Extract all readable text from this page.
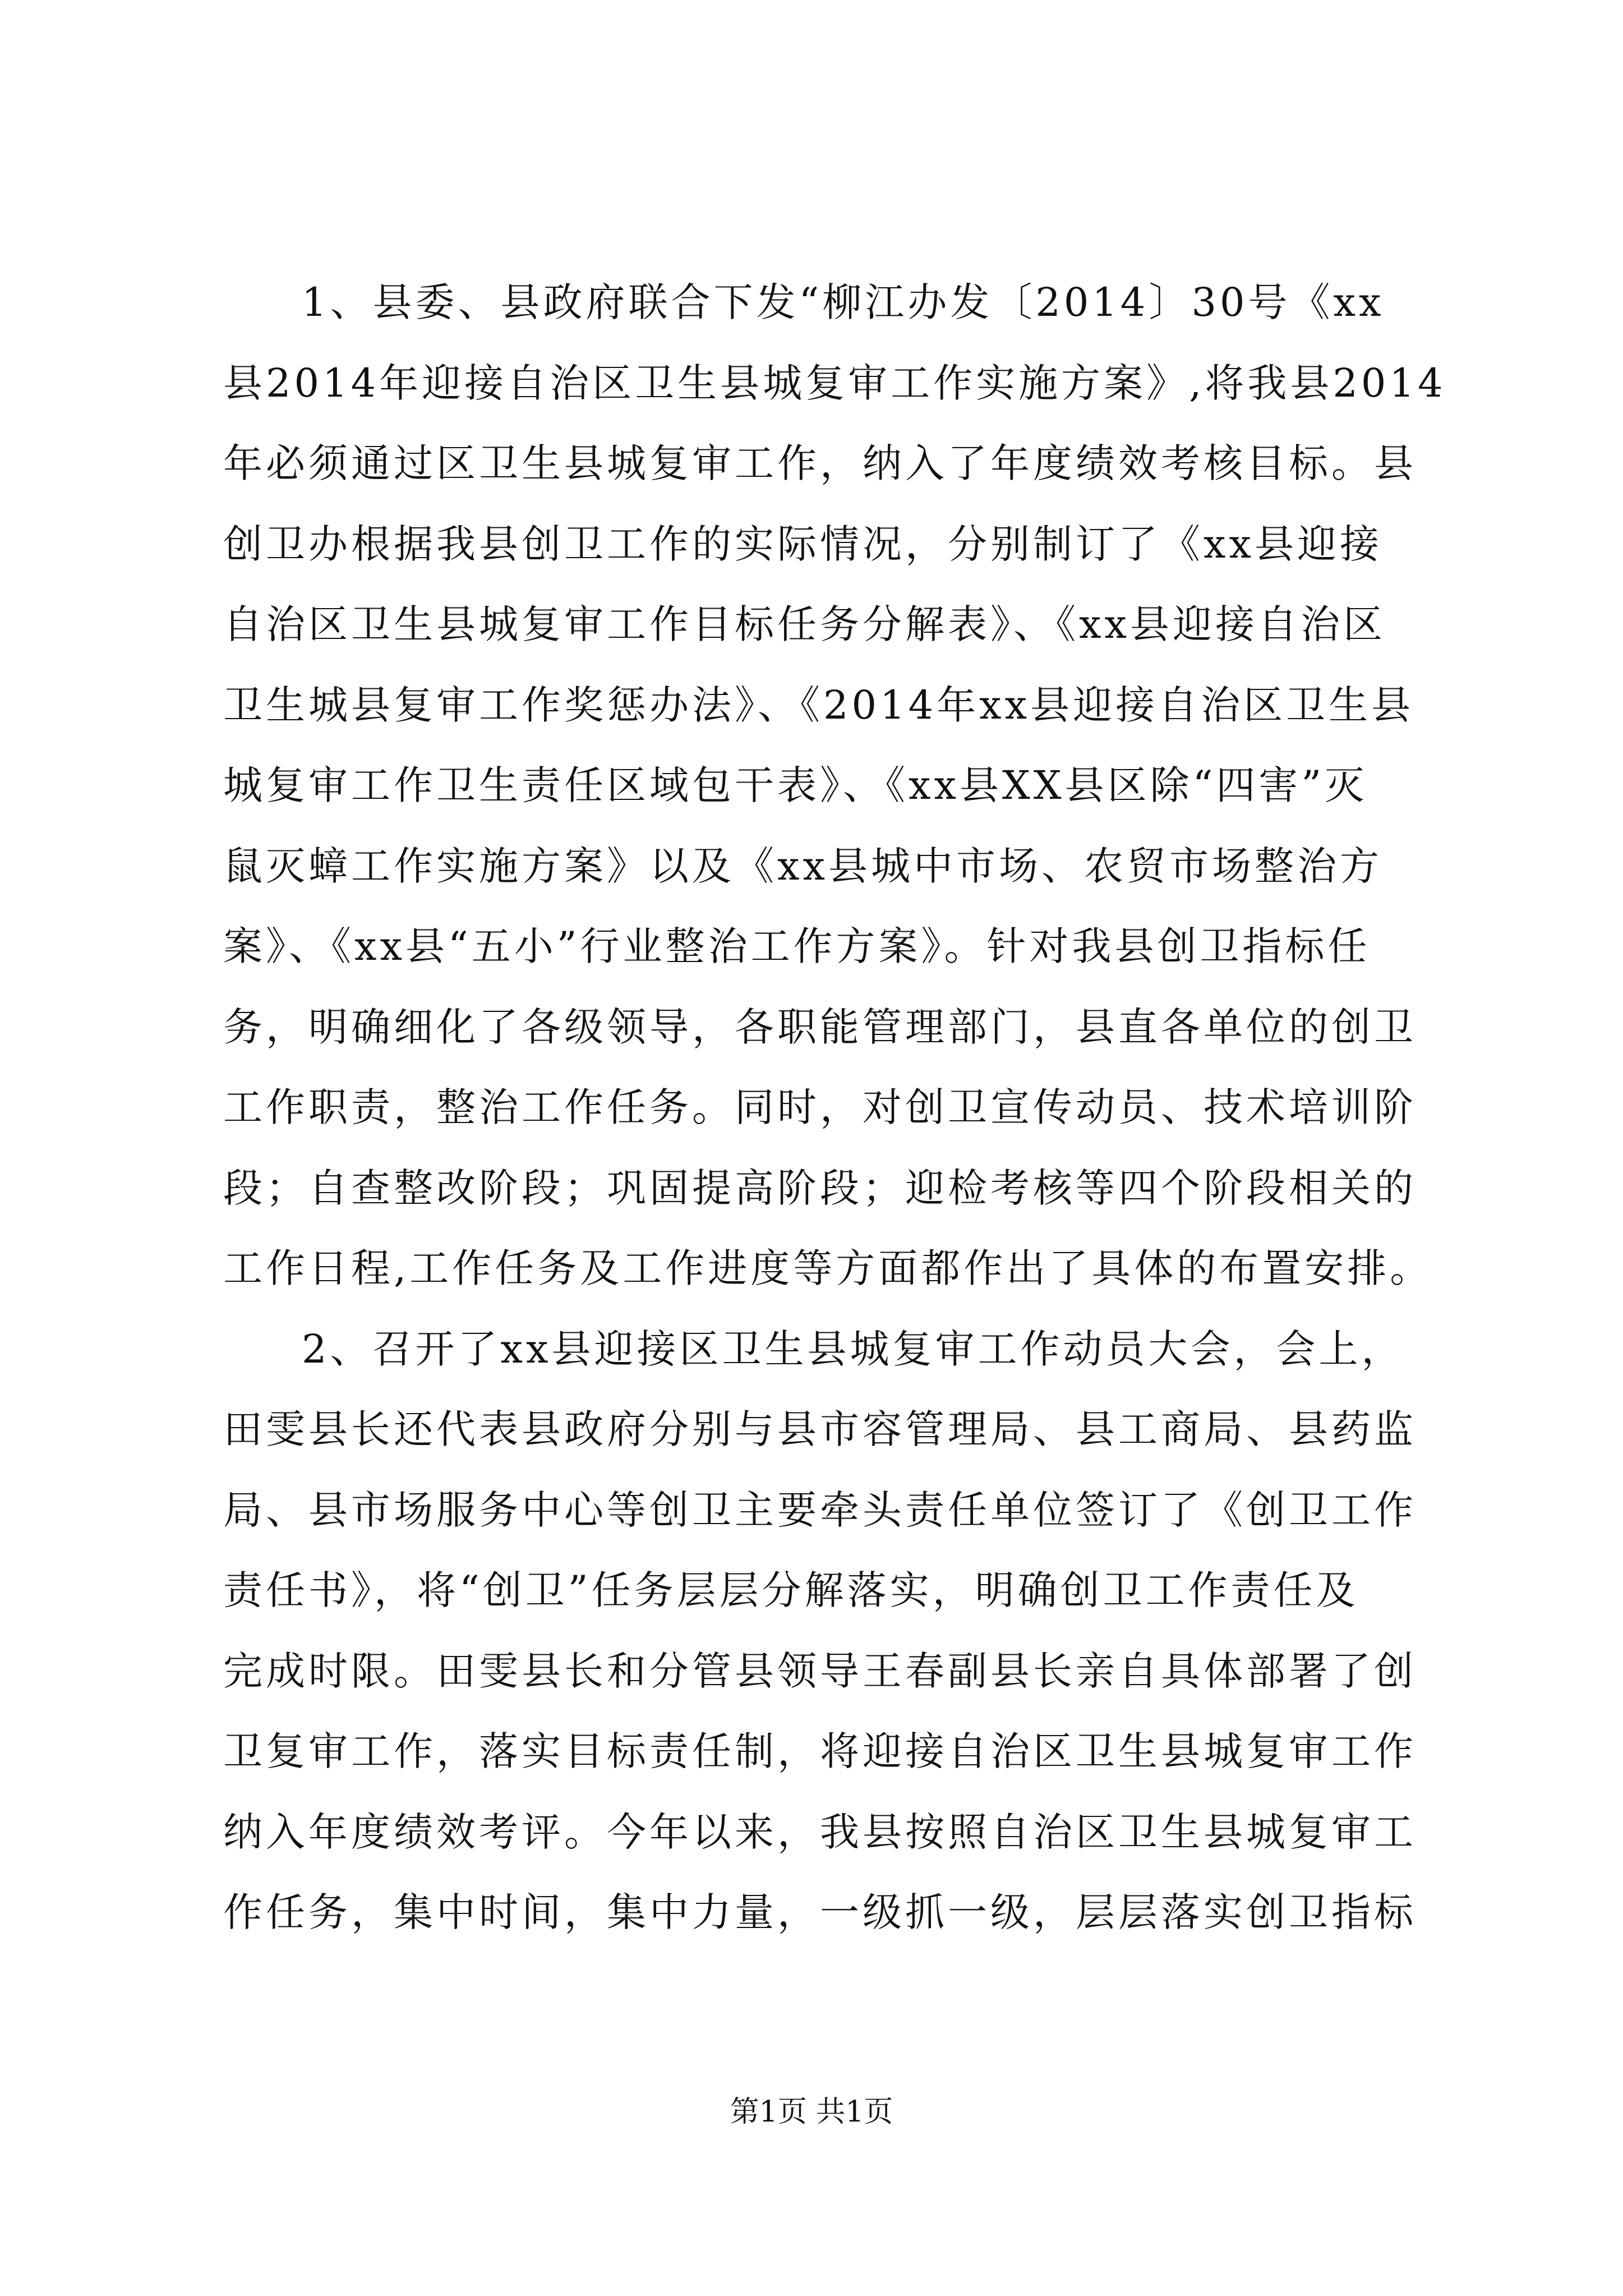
1、县委、县政府联合下发“柳江办发〔2014〕30号《xx
县2014年迎接自治区卫生县城复审工作实施方案》,将我县2014
年必须通过区卫生县城复审工作，纳入了年度绩效考核目标。县
创卫办根据我县创卫工作的实际情况，分别制订了《xx县迎接
自治区卫生县城复审工作目标任务分解表》、《xx县迎接自治区
卫生城县复审工作奖惩办法》、《2014年xx县迎接自治区卫生县
城复审工作卫生责任区域包干表》、《xx县XX县区除“四害”灭
鼠灭蟑工作实施方案》以及《xx县城中市场、农贸市场整治方
案》、《xx县“五小”行业整治工作方案》。针对我县创卫指标任
务，明确细化了各级领导，各职能管理部门，县直各单位的创卫
工作职责，整治工作任务。同时，对创卫宣传动员、技术培训阶
段；自查整改阶段；巩固提高阶段；迎检考核等四个阶段相关的
工作日程,工作任务及工作进度等方面都作出了具体的布置安排。
2、召开了xx县迎接区卫生县城复审工作动员大会，会上，
田雯县长还代表县政府分别与县市容管理局、县工商局、县药监
局、县市场服务中心等创卫主要牵头责任单位签订了《创卫工作
责任书》，将“创卫”任务层层分解落实，明确创卫工作责任及
完成时限。田雯县长和分管县领导王春副县长亲自具体部署了创
卫复审工作，落实目标责任制，将迎接自治区卫生县城复审工作
纳入年度绩效考评。今年以来，我县按照自治区卫生县城复审工
作任务，集中时间，集中力量，一级抓一级，层层落实创卫指标
第1页 共1页
